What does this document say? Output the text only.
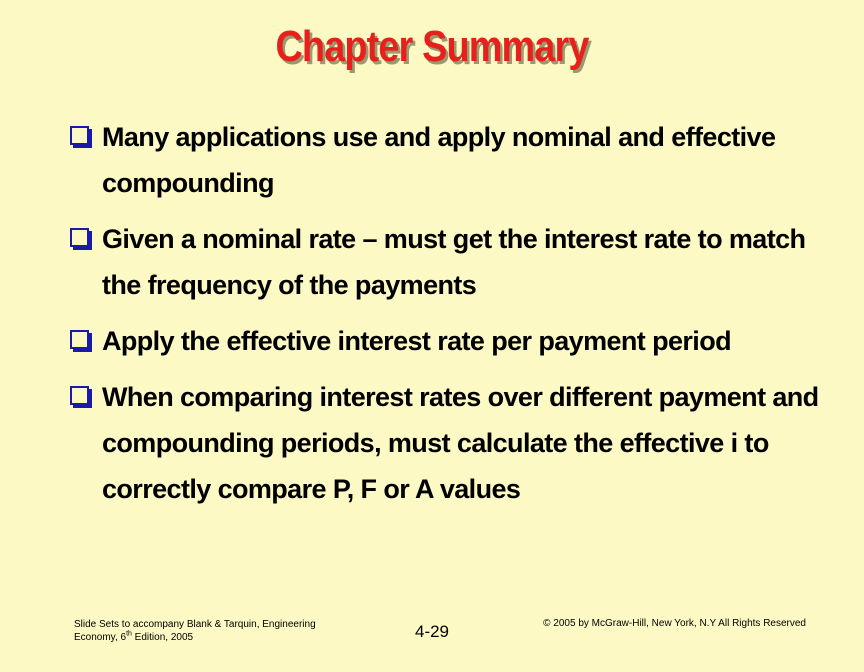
Chapter Summary
Many applications use and apply nominal and effective compounding
Given a nominal rate – must get the interest rate to match the frequency of the payments
Apply the effective interest rate per payment period
When comparing interest rates over different payment and compounding periods, must calculate the effective i to correctly compare P, F or A values
Slide Sets to accompany Blank & Tarquin, Engineering
Economy, 6th Edition, 2005	4-29	© 2005 by McGraw-Hill, New York, N.Y All Rights Reserved
